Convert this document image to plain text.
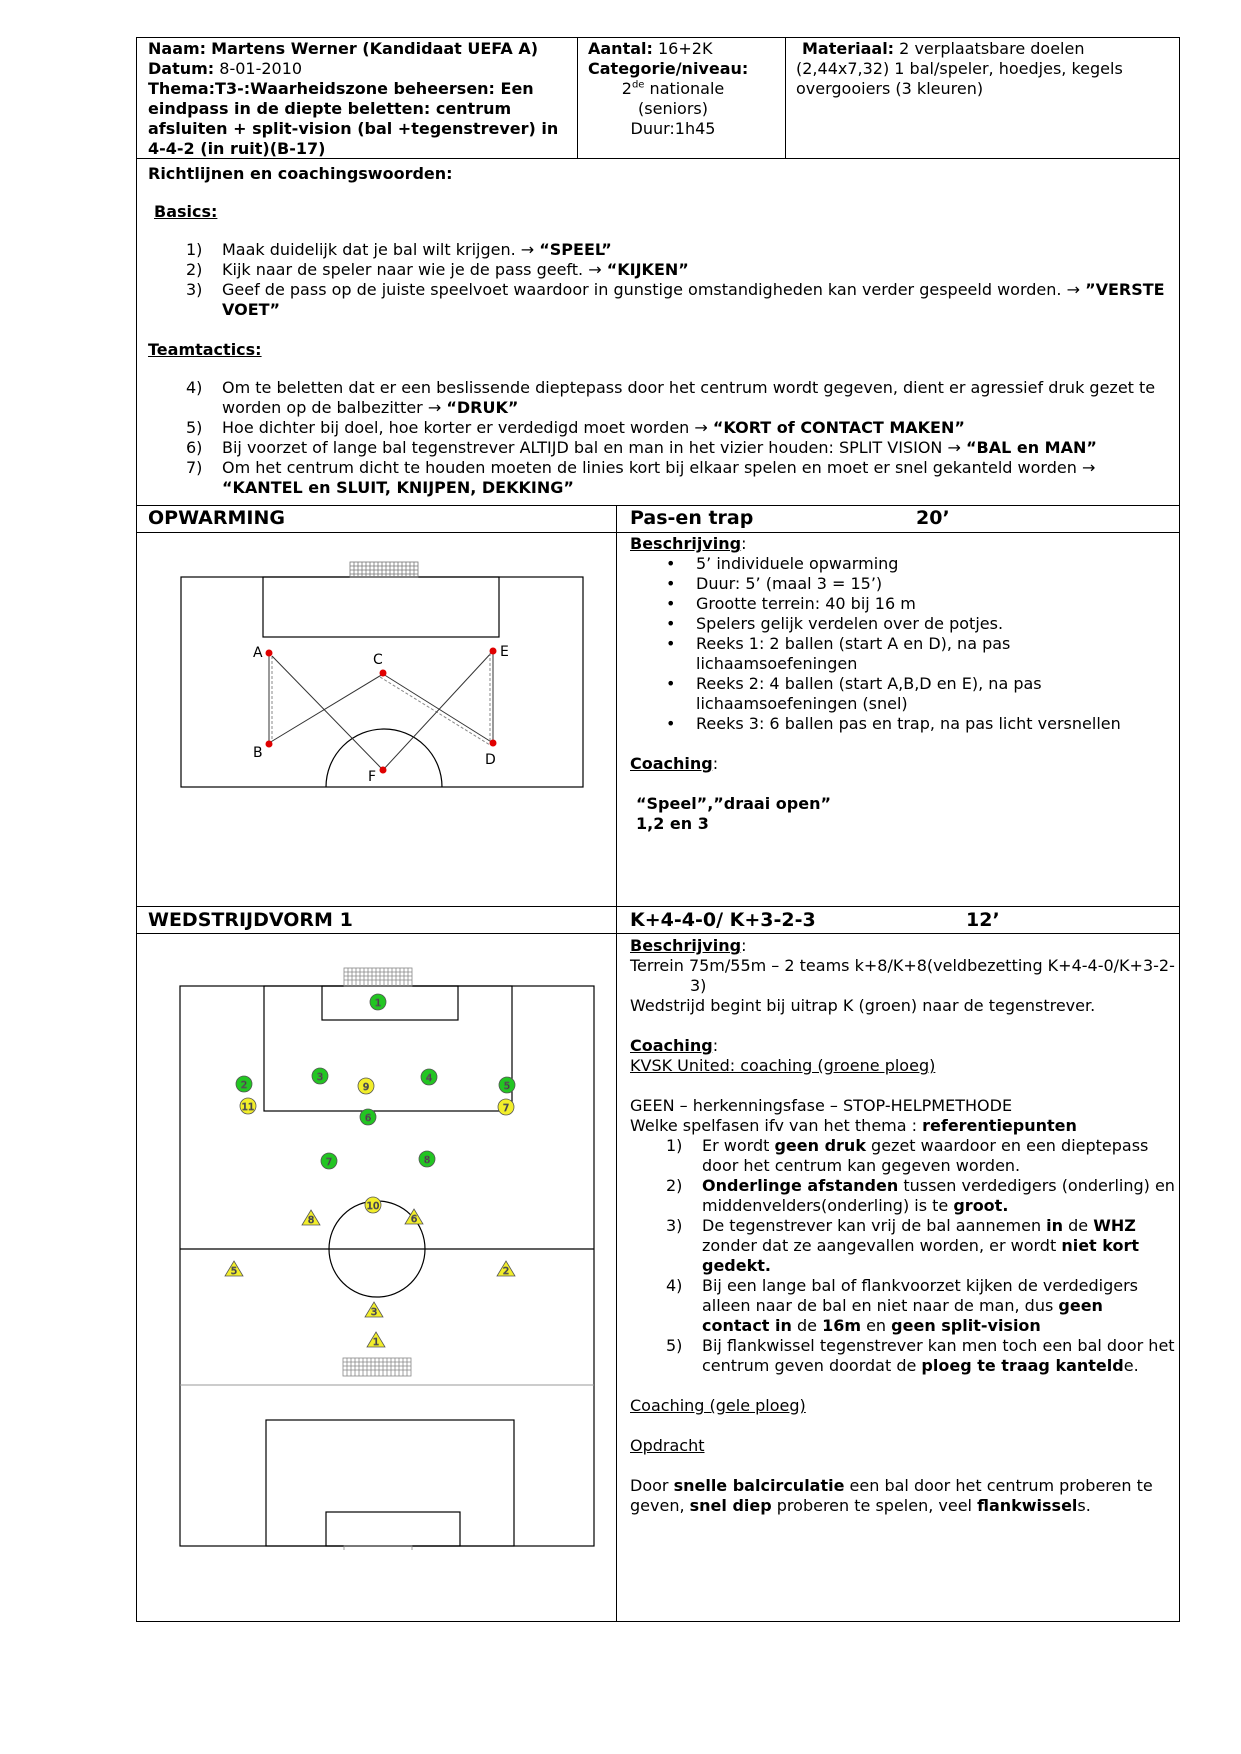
Naam: Martens Werner (Kandidaat UEFA A)
Datum: 8-01-2010
Thema:T3-:Waarheidszone beheersen: Een eindpass in de diepte beletten: centrum afsluiten + split-vision (bal +tegenstrever) in 4-4-2 (in ruit)(B-17)
Aantal: 16+2K
Categorie/niveau:
2de nationale
(seniors)
Duur:1h45
Materiaal: 2 verplaatsbare doelen (2,44x7,32) 1 bal/speler, hoedjes, kegels overgooiers (3 kleuren)
Richtlijnen en coachingswoorden:
Basics:
1) Maak duidelijk dat je bal wilt krijgen. → “SPEEL”
2) Kijk naar de speler naar wie je de pass geeft. → “KIJKEN”
3) Geef de pass op de juiste speelvoet waardoor in gunstige omstandigheden kan verder gespeeld worden. → ”VERSTE VOET”
Teamtactics:
4) Om te beletten dat er een beslissende dieptepass door het centrum wordt gegeven, dient er agressief druk gezet te worden op de balbezitter → “DRUK”
5) Hoe dichter bij doel, hoe korter er verdedigd moet worden → “KORT of CONTACT MAKEN”
6) Bij voorzet of lange bal tegenstrever ALTIJD bal en man in het vizier houden: SPLIT VISION → “BAL en MAN”
7) Om het centrum dicht te houden moeten de linies kort bij elkaar spelen en moet er snel gekanteld worden → “KANTEL en SLUIT, KNIJPEN, DEKKING”
OPWARMING	Pas-en trap	20’
A
B
C
D
E
F
Beschrijving:
• 5’ individuele opwarming
• Duur: 5’ (maal 3 = 15’)
• Grootte terrein: 40 bij 16 m
• Spelers gelijk verdelen over de potjes.
• Reeks 1: 2 ballen (start A en D), na pas lichaamsoefeningen
• Reeks 2: 4 ballen (start A,B,D en E), na pas lichaamsoefeningen (snel)
• Reeks 3: 6 ballen pas en trap, na pas licht versnellen
Coaching:
“Speel”,”draai open”
1,2 en 3
WEDSTRIJDVORM 1	K+4-4-0/ K+3-2-3	12’
1
2
3	4
5
6
7	8
9
10
11	7
8	6
5	2
3
1
Beschrijving:
Terrein 75m/55m – 2 teams k+8/K+8(veldbezetting K+4-4-0/K+3-2-3)
Wedstrijd begint bij uitrap K (groen) naar de tegenstrever.
Coaching:
KVSK United: coaching (groene ploeg)
GEEN – herkenningsfase – STOP-HELPMETHODE
Welke spelfasen ifv van het thema : referentiepunten
1) Er wordt geen druk gezet waardoor en een dieptepass door het centrum kan gegeven worden.
2) Onderlinge afstanden tussen verdedigers (onderling) en middenvelders(onderling) is te groot.
3) De tegenstrever kan vrij de bal aannemen in de WHZ zonder dat ze aangevallen worden, er wordt niet kort gedekt.
4) Bij een lange bal of flankvoorzet kijken de verdedigers alleen naar de bal en niet naar de man, dus geen contact in de 16m en geen split-vision
5) Bij flankwissel tegenstrever kan men toch een bal door het centrum geven doordat de ploeg te traag kantelde.
Coaching (gele ploeg)
Opdracht
Door snelle balcirculatie een bal door het centrum proberen te geven, snel diep proberen te spelen, veel flankwissels.
